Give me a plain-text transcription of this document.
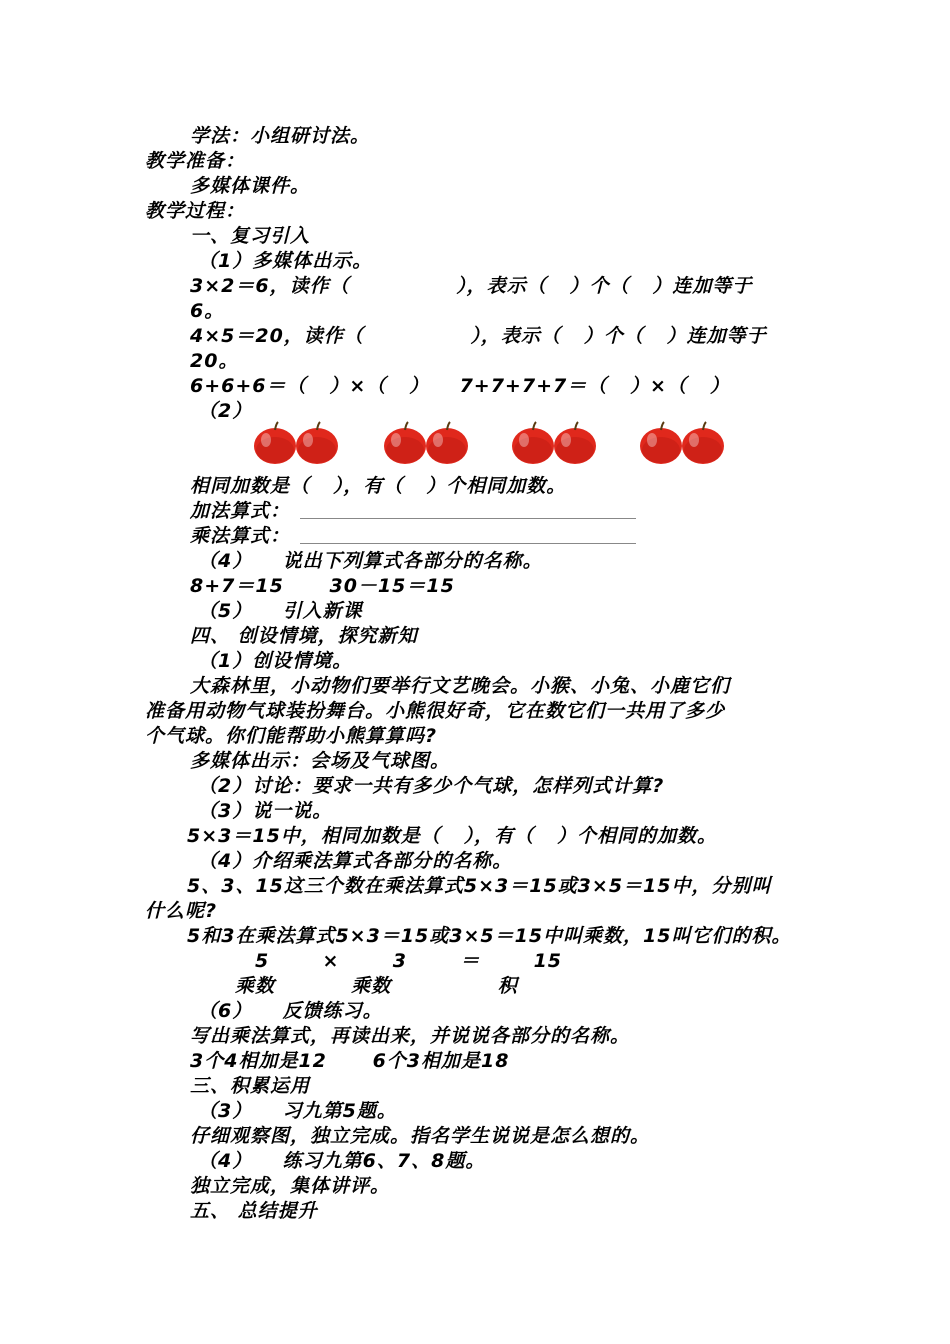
学法：小组研讨法。
教学准备：
多媒体课件。
教学过程：
一、复习引入
（1）多媒体出示。
3×2＝6，读作（              ），表示（   ）个（   ）连加等于
6。
4×5＝20，读作（              ），表示（   ）个（   ）连加等于
20。
6+6+6＝（   ）×（   ）    7+7+7+7＝（   ）×（   ）
（2）
相同加数是（   ），有（   ）个相同加数。
加法算式：
乘法算式：
（4）    说出下列算式各部分的名称。
8+7＝15      30－15＝15
（5）    引入新课
四、 创设情境，探究新知
（1）创设情境。
大森林里，小动物们要举行文艺晚会。小猴、小兔、小鹿它们
准备用动物气球装扮舞台。小熊很好奇，它在数它们一共用了多少
个气球。你们能帮助小熊算算吗?
多媒体出示：会场及气球图。
（2）讨论：要求一共有多少个气球，怎样列式计算?
（3）说一说。
5×3＝15中，相同加数是（   ），有（   ）个相同的加数。
（4）介绍乘法算式各部分的名称。
5、3、15这三个数在乘法算式5×3＝15或3×5＝15中，分别叫
什么呢?
5和3在乘法算式5×3＝15或3×5＝15中叫乘数，15叫它们的积。
5       ×       3       ＝       15
乘数          乘数              积
（6）    反馈练习。
写出乘法算式，再读出来，并说说各部分的名称。
3个4相加是12      6个3相加是18
三、积累运用
（3）    习九第5题。
仔细观察图，独立完成。指名学生说说是怎么想的。
（4）    练习九第6、7、8题。
独立完成，集体讲评。
五、 总结提升
